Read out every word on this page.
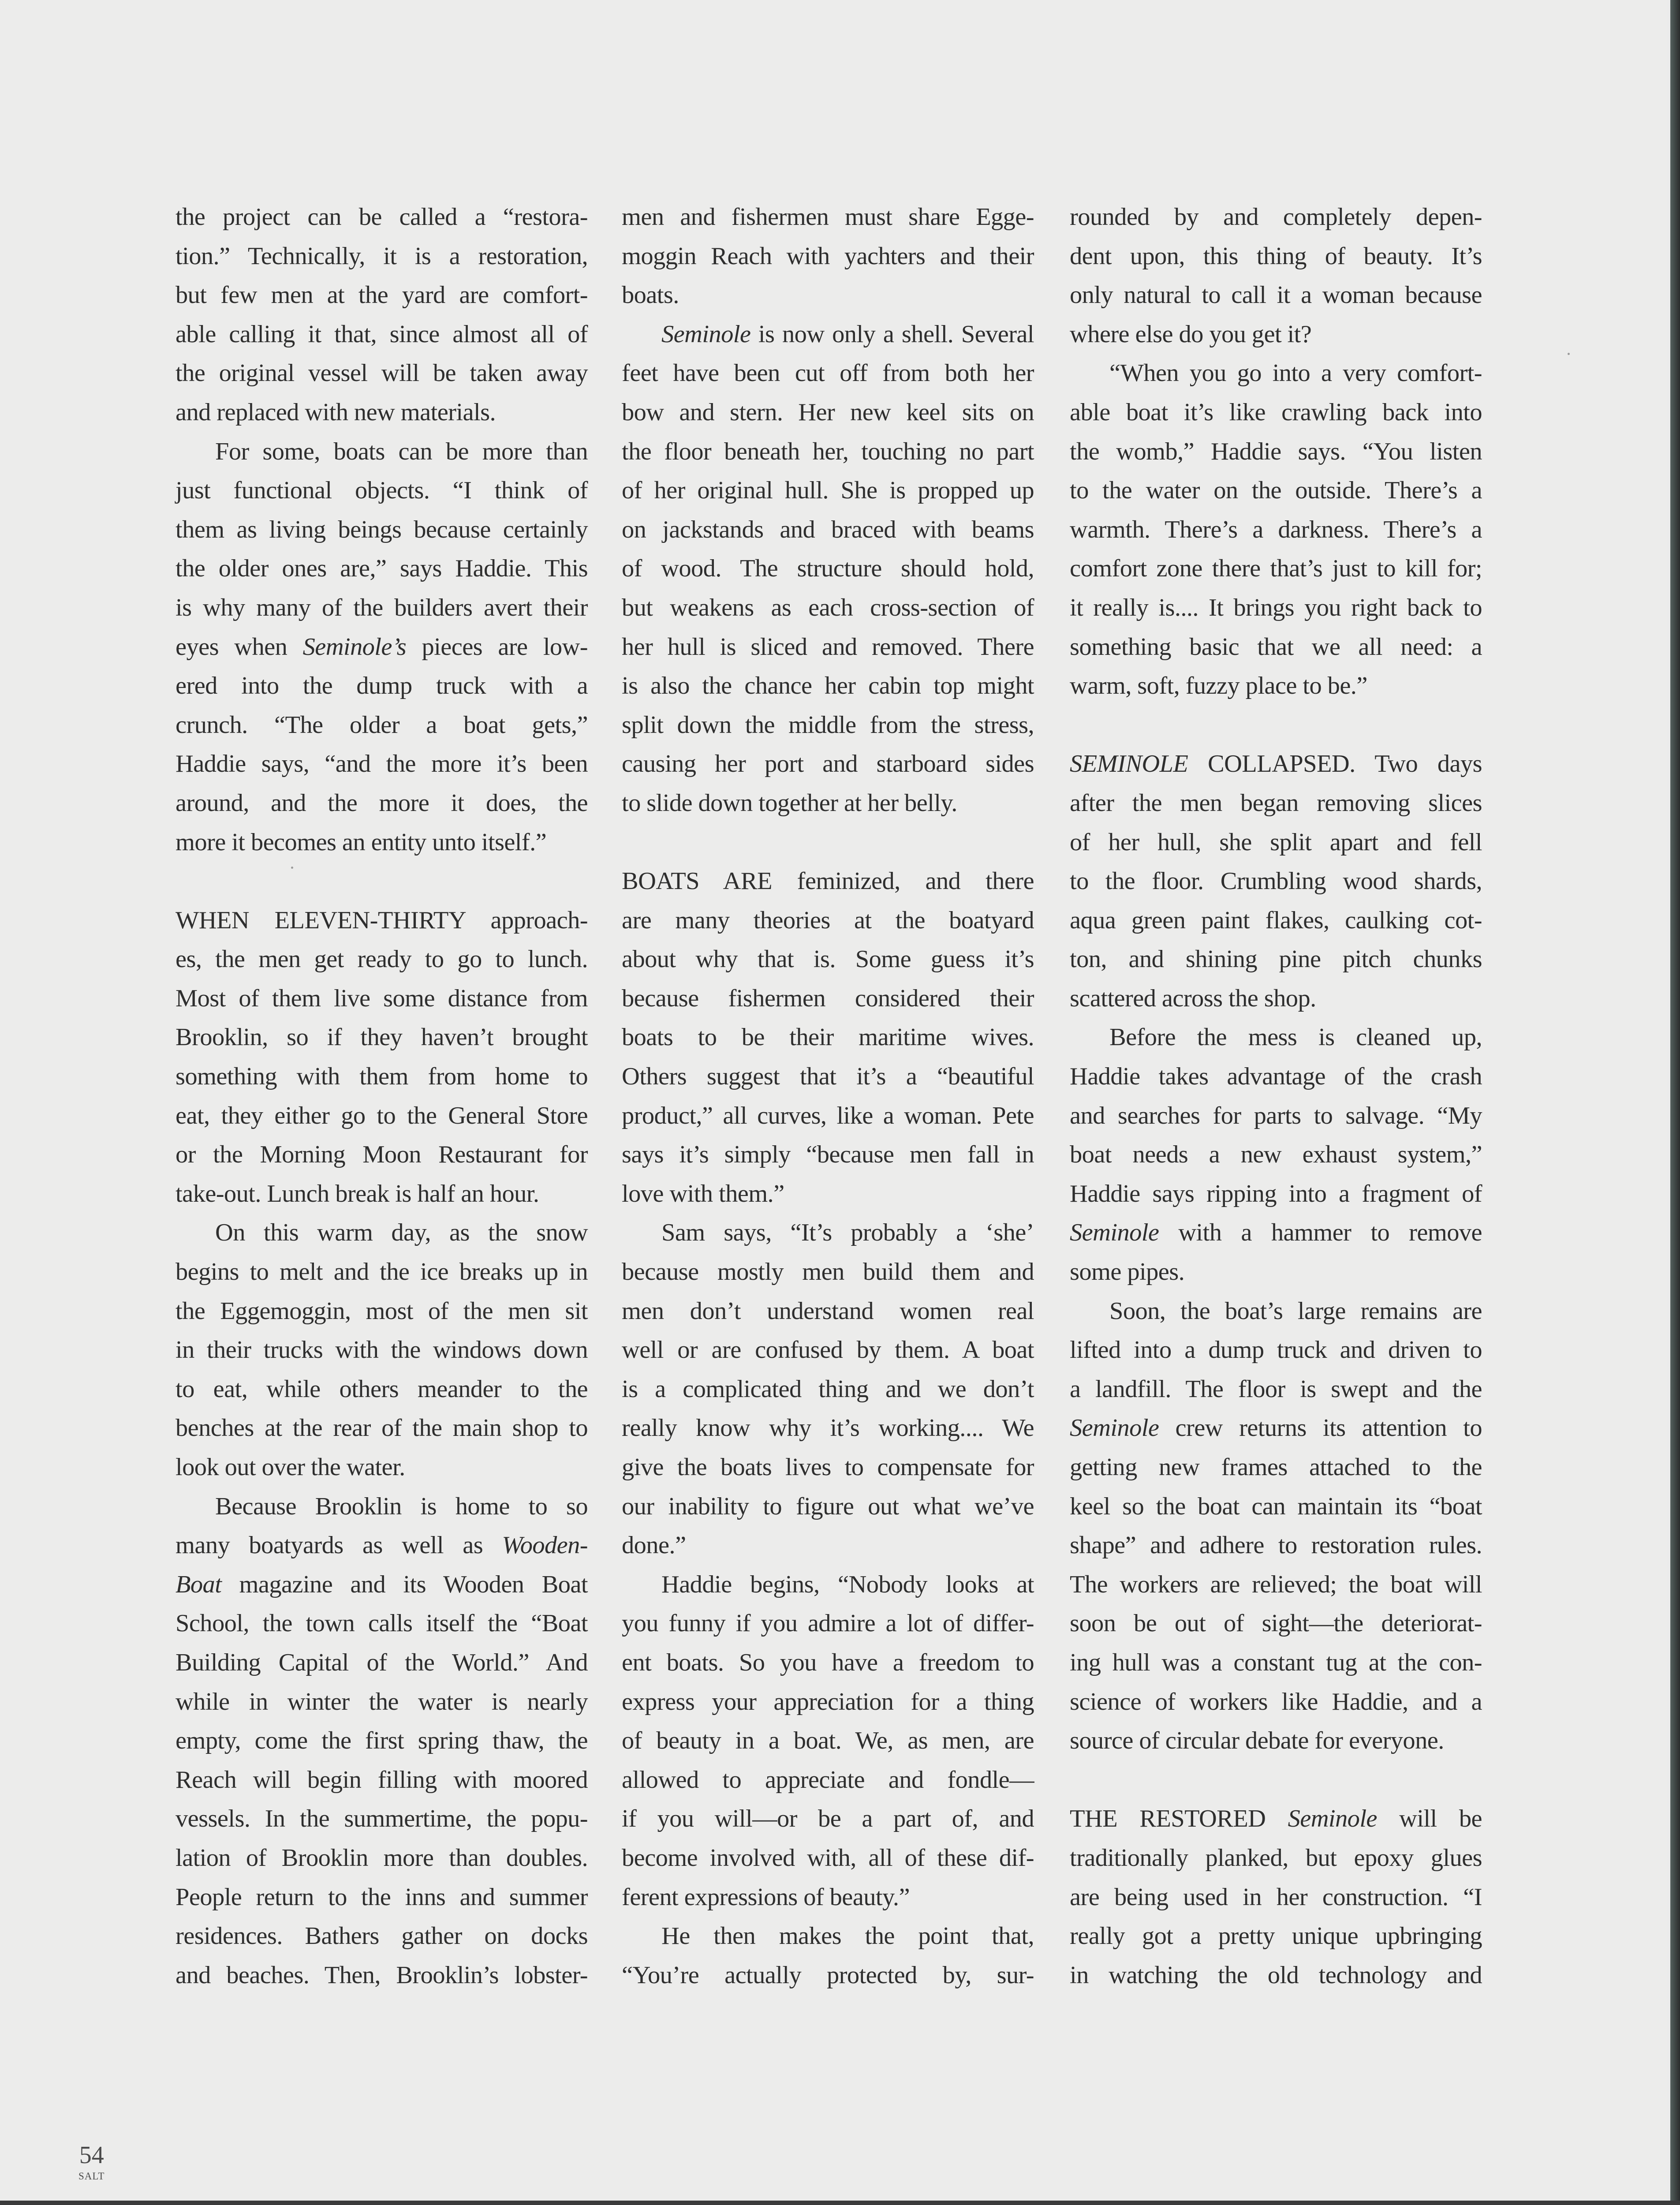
the project can be called a “restora-
tion.” Technically, it is a restoration,
but few men at the yard are comfort-
able calling it that, since almost all of
the original vessel will be taken away
and replaced with new materials.
For some, boats can be more than
just functional objects. “I think of
them as living beings because certainly
the older ones are,” says Haddie. This
is why many of the builders avert their
eyes when Seminole’s pieces are low-
ered into the dump truck with a
crunch. “The older a boat gets,”
Haddie says, “and the more it’s been
around, and the more it does, the
more it becomes an entity unto itself.”
WHEN ELEVEN-THIRTY approach-
es, the men get ready to go to lunch.
Most of them live some distance from
Brooklin, so if they haven’t brought
something with them from home to
eat, they either go to the General Store
or the Morning Moon Restaurant for
take-out. Lunch break is half an hour.
On this warm day, as the snow
begins to melt and the ice breaks up in
the Eggemoggin, most of the men sit
in their trucks with the windows down
to eat, while others meander to the
benches at the rear of the main shop to
look out over the water.
Because Brooklin is home to so
many boatyards as well as Wooden-
Boat magazine and its Wooden Boat
School, the town calls itself the “Boat
Building Capital of the World.” And
while in winter the water is nearly
empty, come the first spring thaw, the
Reach will begin filling with moored
vessels. In the summertime, the popu-
lation of Brooklin more than doubles.
People return to the inns and summer
residences. Bathers gather on docks
and beaches. Then, Brooklin’s lobster-
men and fishermen must share Egge-
moggin Reach with yachters and their
boats.
Seminole is now only a shell. Several
feet have been cut off from both her
bow and stern. Her new keel sits on
the floor beneath her, touching no part
of her original hull. She is propped up
on jackstands and braced with beams
of wood. The structure should hold,
but weakens as each cross-section of
her hull is sliced and removed. There
is also the chance her cabin top might
split down the middle from the stress,
causing her port and starboard sides
to slide down together at her belly.
BOATS ARE feminized, and there
are many theories at the boatyard
about why that is. Some guess it’s
because fishermen considered their
boats to be their maritime wives.
Others suggest that it’s a “beautiful
product,” all curves, like a woman. Pete
says it’s simply “because men fall in
love with them.”
Sam says, “It’s probably a ‘she’
because mostly men build them and
men don’t understand women real
well or are confused by them. A boat
is a complicated thing and we don’t
really know why it’s working.... We
give the boats lives to compensate for
our inability to figure out what we’ve
done.”
Haddie begins, “Nobody looks at
you funny if you admire a lot of differ-
ent boats. So you have a freedom to
express your appreciation for a thing
of beauty in a boat. We, as men, are
allowed to appreciate and fondle—
if you will—or be a part of, and
become involved with, all of these dif-
ferent expressions of beauty.”
He then makes the point that,
“You’re actually protected by, sur-
rounded by and completely depen-
dent upon, this thing of beauty. It’s
only natural to call it a woman because
where else do you get it?
“When you go into a very comfort-
able boat it’s like crawling back into
the womb,” Haddie says. “You listen
to the water on the outside. There’s a
warmth. There’s a darkness. There’s a
comfort zone there that’s just to kill for;
it really is.... It brings you right back to
something basic that we all need: a
warm, soft, fuzzy place to be.”
SEMINOLE COLLAPSED. Two days
after the men began removing slices
of her hull, she split apart and fell
to the floor. Crumbling wood shards,
aqua green paint flakes, caulking cot-
ton, and shining pine pitch chunks
scattered across the shop.
Before the mess is cleaned up,
Haddie takes advantage of the crash
and searches for parts to salvage. “My
boat needs a new exhaust system,”
Haddie says ripping into a fragment of
Seminole with a hammer to remove
some pipes.
Soon, the boat’s large remains are
lifted into a dump truck and driven to
a landfill. The floor is swept and the
Seminole crew returns its attention to
getting new frames attached to the
keel so the boat can maintain its “boat
shape” and adhere to restoration rules.
The workers are relieved; the boat will
soon be out of sight—the deteriorat-
ing hull was a constant tug at the con-
science of workers like Haddie, and a
source of circular debate for everyone.
THE RESTORED Seminole will be
traditionally planked, but epoxy glues
are being used in her construction. “I
really got a pretty unique upbringing
in watching the old technology and
54
SALT
